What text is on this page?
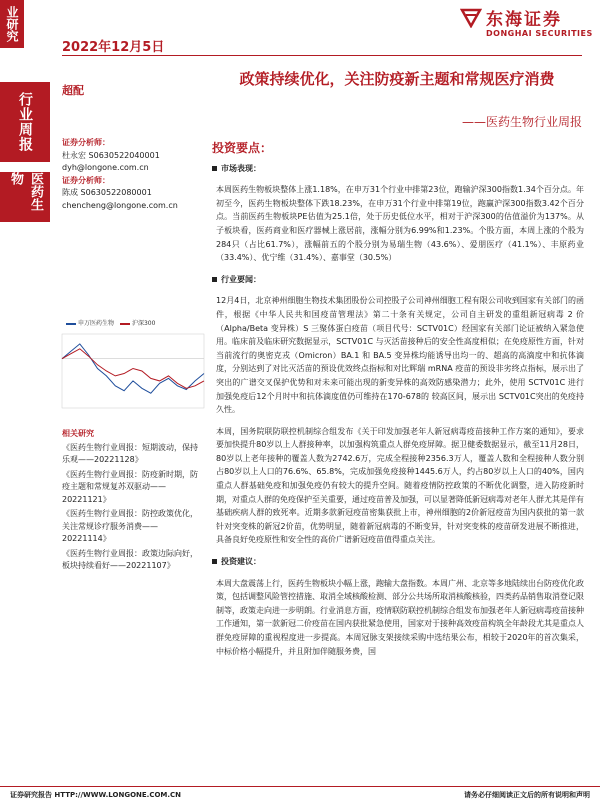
业研究
行业周报
医药生物
2022年12月5日
东海证券
DONGHAI SECURITIES
超配
政策持续优化，关注防疫新主题和常规医疗消费
——医药生物行业周报
证券分析师：
杜永宏 S0630522040001
dyh@longone.com.cn
证券分析师：
陈成 S0630522080001
chencheng@longone.com.cn
申万医药生物	沪深300
相关研究
《医药生物行业周报：短期波动，保持乐观——20221128》
《医药生物行业周报：防疫新时期，防疫主题和常规复苏双驱动——20221121》
《医药生物行业周报：防控政策优化，关注常规诊疗服务消费——20221114》
《医药生物行业周报：政策边际向好，板块持续看好——20221107》
投资要点：
市场表现：

本周医药生物板块整体上涨1.18%，在申万31个行业中排第23位，跑输沪深300指数1.34个百分点。年初至今，医药生物板块整体下跌18.23%，在申万31个行业中排第19位，跑赢沪深300指数3.42个百分点。当前医药生物板块PE估值为25.1倍，处于历史低位水平，相对于沪深300的估值溢价为137%。从子板块看，医药商业和医疗器械上涨居前，涨幅分别为6.99%和1.23%。个股方面，本周上涨的个股为284只（占比61.7%），涨幅前五的个股分别为易瑞生物（43.6%）、爱朋医疗（41.1%）、丰原药业（33.4%）、优宁维（31.4%）、嘉事堂（30.5%）

行业要闻：

12月4日，北京神州细胞生物技术集团股份公司控股子公司神州细胞工程有限公司收到国家有关部门的函件，根据《中华人民共和国疫苗管理法》第二十条有关规定，公司自主研发的重组新冠病毒 2 价（Alpha/Beta 变异株）S 三聚体蛋白疫苗（项目代号：SCTV01C）经国家有关部门论证被纳入紧急使用。临床前及临床研究数据显示，SCTV01C 与灭活苗接种后的安全性高度相似；在免疫原性方面，针对当前流行的奥密克戎（Omicron）BA.1 和 BA.5 变异株均能诱导出均一的、超高的高滴度中和抗体滴度，分别达到了对比灭活苗的预设优效终点指标和对比辉瑞 mRNA 疫苗的预设非劣终点指标，展示出了突出的广谱交叉保护优势和对未来可能出现的新变异株的高效防感染潜力；此外，使用 SCTV01C 进行加强免疫后12个月时中和抗体滴度值仍可维持在170-678的 较高区间，展示出 SCTV01C突出的免疫持久性。

本周，国务院联防联控机制综合组发布《关于印发加强老年人新冠病毒疫苗接种工作方案的通知》，要求要加快提升80岁以上人群接种率，以加强构筑重点人群免疫屏障。据卫健委数据显示，截至11月28日，80岁以上老年接种的覆盖人数为2742.6万，完成全程接种2356.3万人，覆盖人数和全程接种人数分别占80岁以上人口的76.6%、65.8%，完成加强免疫接种1445.6万人，约占80岁以上人口的40%，国内重点人群基础免疫和加强免疫仍有较大的提升空间。随着疫情防控政策的不断优化调整，进入防疫新时期，对重点人群的免疫保护至关重要，通过疫苗普及加强，可以显著降低新冠病毒对老年人群尤其是伴有基础疾病人群的致死率。近期多款新冠疫苗密集获批上市，神州细胞的2价新冠疫苗为国内获批的第一款针对突变株的新冠2价苗，优势明显，随着新冠病毒的不断变异，针对突变株的疫苗研发进展不断推进，具备良好免疫原性和安全性的高价广谱新冠疫苗值得重点关注。

投资建议：

本周大盘震荡上行，医药生物板块小幅上涨，跑输大盘指数。本周广州、北京等多地陆续出台防疫优化政策，包括调整风险管控措施、取消全域核酸检测、部分公共场所取消核酸核验，四类药品销售取消登记限制等，政策走向进一步明朗。行业消息方面，疫情联防联控机制综合组发布加强老年人新冠病毒疫苗接种工作通知，第一款新冠二价疫苗在国内获批紧急使用，国家对于接种高效疫苗构筑全年龄段尤其是重点人群免疫屏障的重视程度进一步提高。本周冠脉支架接续采购中选结果公布，相较于2020年的首次集采，中标价格小幅提升，并且附加伴随服务费，国

证券研究报告 HTTP://WWW.LONGONE.COM.CN	请务必仔细阅读正文后的所有说明和声明
